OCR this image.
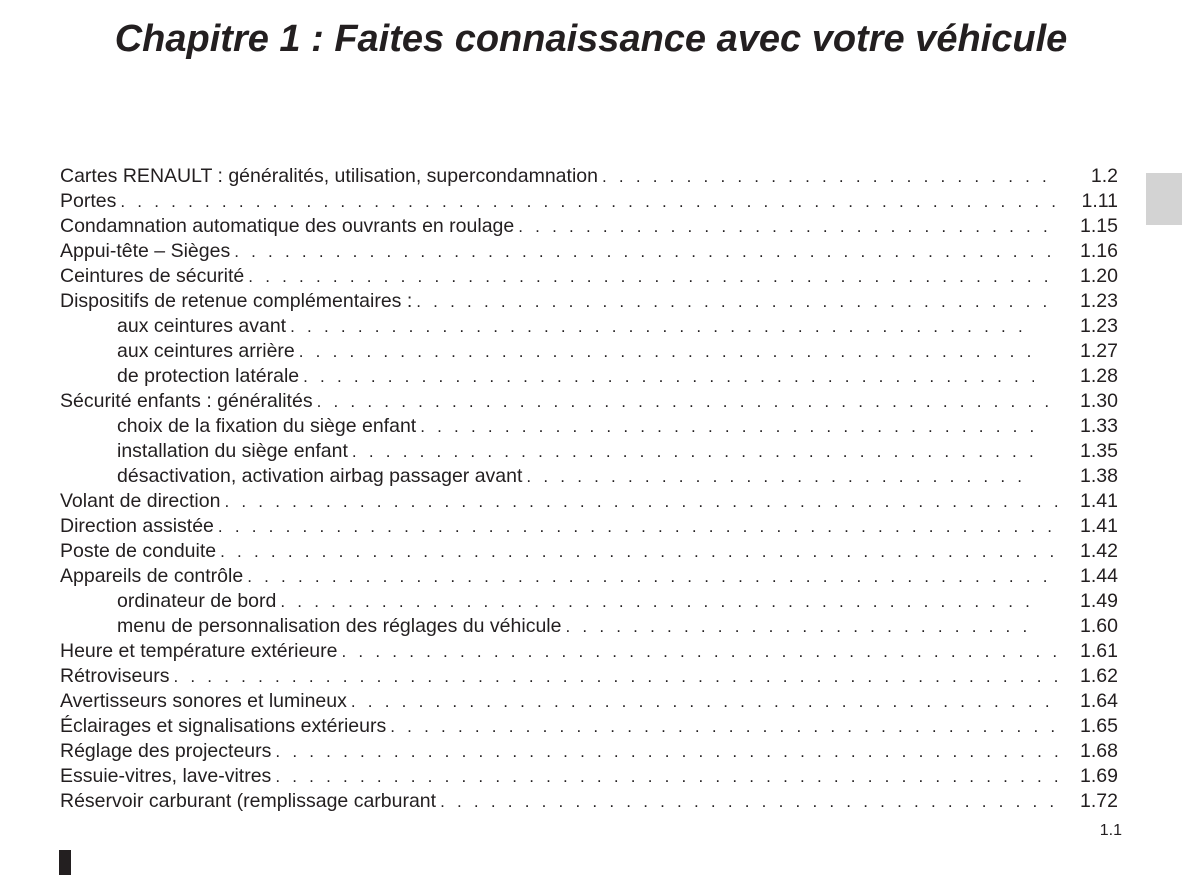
Chapitre 1 : Faites connaissance avec votre véhicule
Cartes RENAULT : généralités, utilisation, supercondamnation . . .	1.2
Portes . . .	1.11
Condamnation automatique des ouvrants en roulage . . .	1.15
Appui-tête – Sièges . . .	1.16
Ceintures de sécurité . . .	1.20
Dispositifs de retenue complémentaires : . . .	1.23
aux ceintures avant . . .	1.23
aux ceintures arrière . . .	1.27
de protection latérale . . .	1.28
Sécurité enfants : généralités . . .	1.30
choix de la fixation du siège enfant . . .	1.33
installation du siège enfant . . .	1.35
désactivation, activation airbag passager avant . . .	1.38
Volant de direction . . .	1.41
Direction assistée . . .	1.41
Poste de conduite . . .	1.42
Appareils de contrôle . . .	1.44
ordinateur de bord . . .	1.49
menu de personnalisation des réglages du véhicule . . .	1.60
Heure et température extérieure . . .	1.61
Rétroviseurs . . .	1.62
Avertisseurs sonores et lumineux . . .	1.64
Éclairages et signalisations extérieurs . . .	1.65
Réglage des projecteurs . . .	1.68
Essuie-vitres, lave-vitres . . .	1.69
Réservoir carburant (remplissage carburant . . .	1.72
1.1
